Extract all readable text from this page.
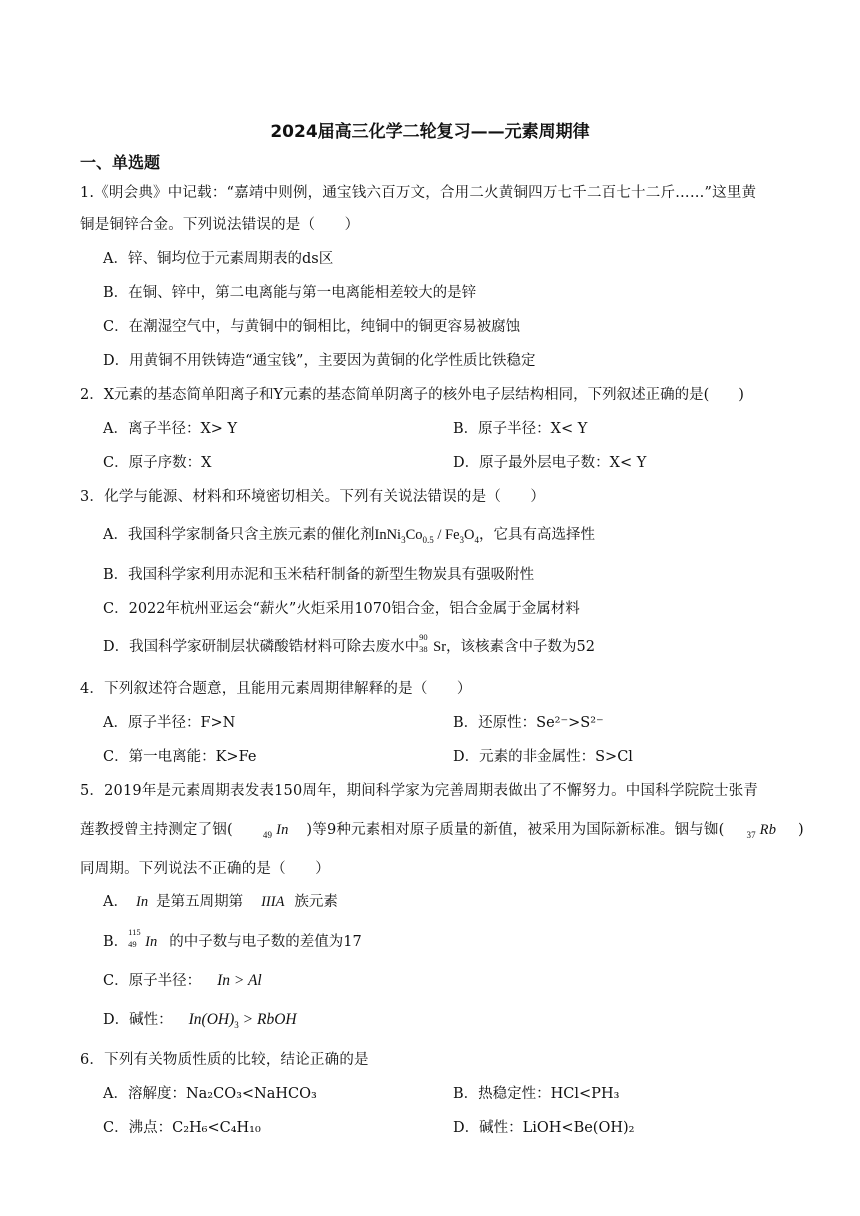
2024届高三化学二轮复习——元素周期律
一、单选题
1.《明会典》中记载：“嘉靖中则例，通宝钱六百万文，合用二火黄铜四万七千二百七十二斤……”这里黄
铜是铜锌合金。下列说法错误的是（　　）
A．锌、铜均位于元素周期表的ds区
B．在铜、锌中，第二电离能与第一电离能相差较大的是锌
C．在潮湿空气中，与黄铜中的铜相比，纯铜中的铜更容易被腐蚀
D．用黄铜不用铁铸造“通宝钱”，主要因为黄铜的化学性质比铁稳定
2．X元素的基态简单阳离子和Y元素的基态简单阴离子的核外电子层结构相同，下列叙述正确的是(　　)
A．离子半径：X> Y	B．原子半径：X< Y
C．原子序数：X	D．原子最外层电子数：X< Y
3．化学与能源、材料和环境密切相关。下列有关说法错误的是（　　）
A．我国科学家制备只含主族元素的催化剂$InNi_3Co_{0.5} / Fe_3O_4$，它具有高选择性
B．我国科学家利用赤泥和玉米秸秆制备的新型生物炭具有强吸附性
C．2022年杭州亚运会“薪火”火炬采用1070铝合金，铝合金属于金属材料
D．我国科学家研制层状磷酸锆材料可除去废水中
90
38 Sr，该核素含中子数为52
4．下列叙述符合题意，且能用元素周期律解释的是（　　）
A．原子半径：F>N	B．还原性：Se²⁻>S²⁻
C．第一电离能：K>Fe	D．元素的非金属性：S>Cl
5．2019年是元素周期表发表150周年，期间科学家为完善周期表做出了不懈努力。中国科学院院士张青
莲教授曾主持测定了铟(	$_{49}$ In )等9种元素相对原子质量的新值，被采用为国际新标准。铟与铷( $_{37}$ Rb )
同周期。下列说法不正确的是（　　）
A． In 是第五周期第 IIIA 族元素
B．
115
49 In 的中子数与电子数的差值为17
C．原子半径： In > Al
D．碱性： $In(OH)_3$ > RbOH
6．下列有关物质性质的比较，结论正确的是
A．溶解度：Na₂CO₃<NaHCO₃	B．热稳定性：HCl<PH₃
C．沸点：C₂H₆<C₄H₁₀	D．碱性：LiOH<Be(OH)₂
